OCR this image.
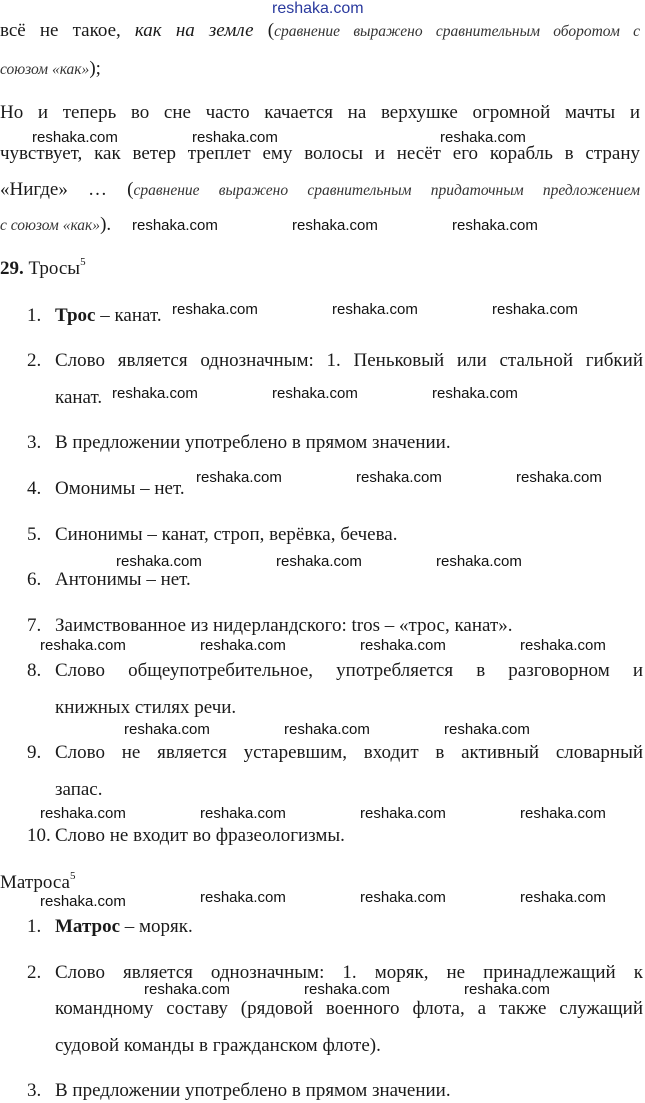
reshaka.com
всё не такое, как на земле (сравнение выражено сравнительным оборотом с
союзом «как»);
Но и теперь во сне часто качается на верхушке огромной мачты и
чувствует, как ветер треплет ему волосы и несёт его корабль в страну
«Нигде» … (сравнение выражено сравнительным придаточным предложением
с союзом «как»).
29. Тросы$^5$
1. Трос – канат.
2. Слово является однозначным: 1. Пеньковый или стальной гибкий
канат.
3. В предложении употреблено в прямом значении.
4. Омонимы – нет.
5. Синонимы – канат, строп, верёвка, бечева.
6. Антонимы – нет.
7. Заимствованное из нидерландского: tros – «трос, канат».
8. Слово общеупотребительное, употребляется в разговорном и
книжных стилях речи.
9. Слово не является устаревшим, входит в активный словарный
запас.
10. Слово не входит во фразеологизмы.
Матроса$^5$
1. Матрос – моряк.
2. Слово является однозначным: 1. моряк, не принадлежащий к
командному составу (рядовой военного флота, а также служащий
судовой команды в гражданском флоте).
3. В предложении употреблено в прямом значении.
reshaka.com	reshaka.com	reshaka.com
reshaka.com	reshaka.com	reshaka.com
reshaka.com	reshaka.com	reshaka.com
reshaka.com	reshaka.com	reshaka.com
reshaka.com	reshaka.com	reshaka.com
reshaka.com	reshaka.com	reshaka.com
reshaka.com	reshaka.com	reshaka.com	reshaka.com
reshaka.com	reshaka.com	reshaka.com
reshaka.com	reshaka.com	reshaka.com	reshaka.com
reshaka.com	reshaka.com	reshaka.com	reshaka.com
reshaka.com	reshaka.com	reshaka.com
